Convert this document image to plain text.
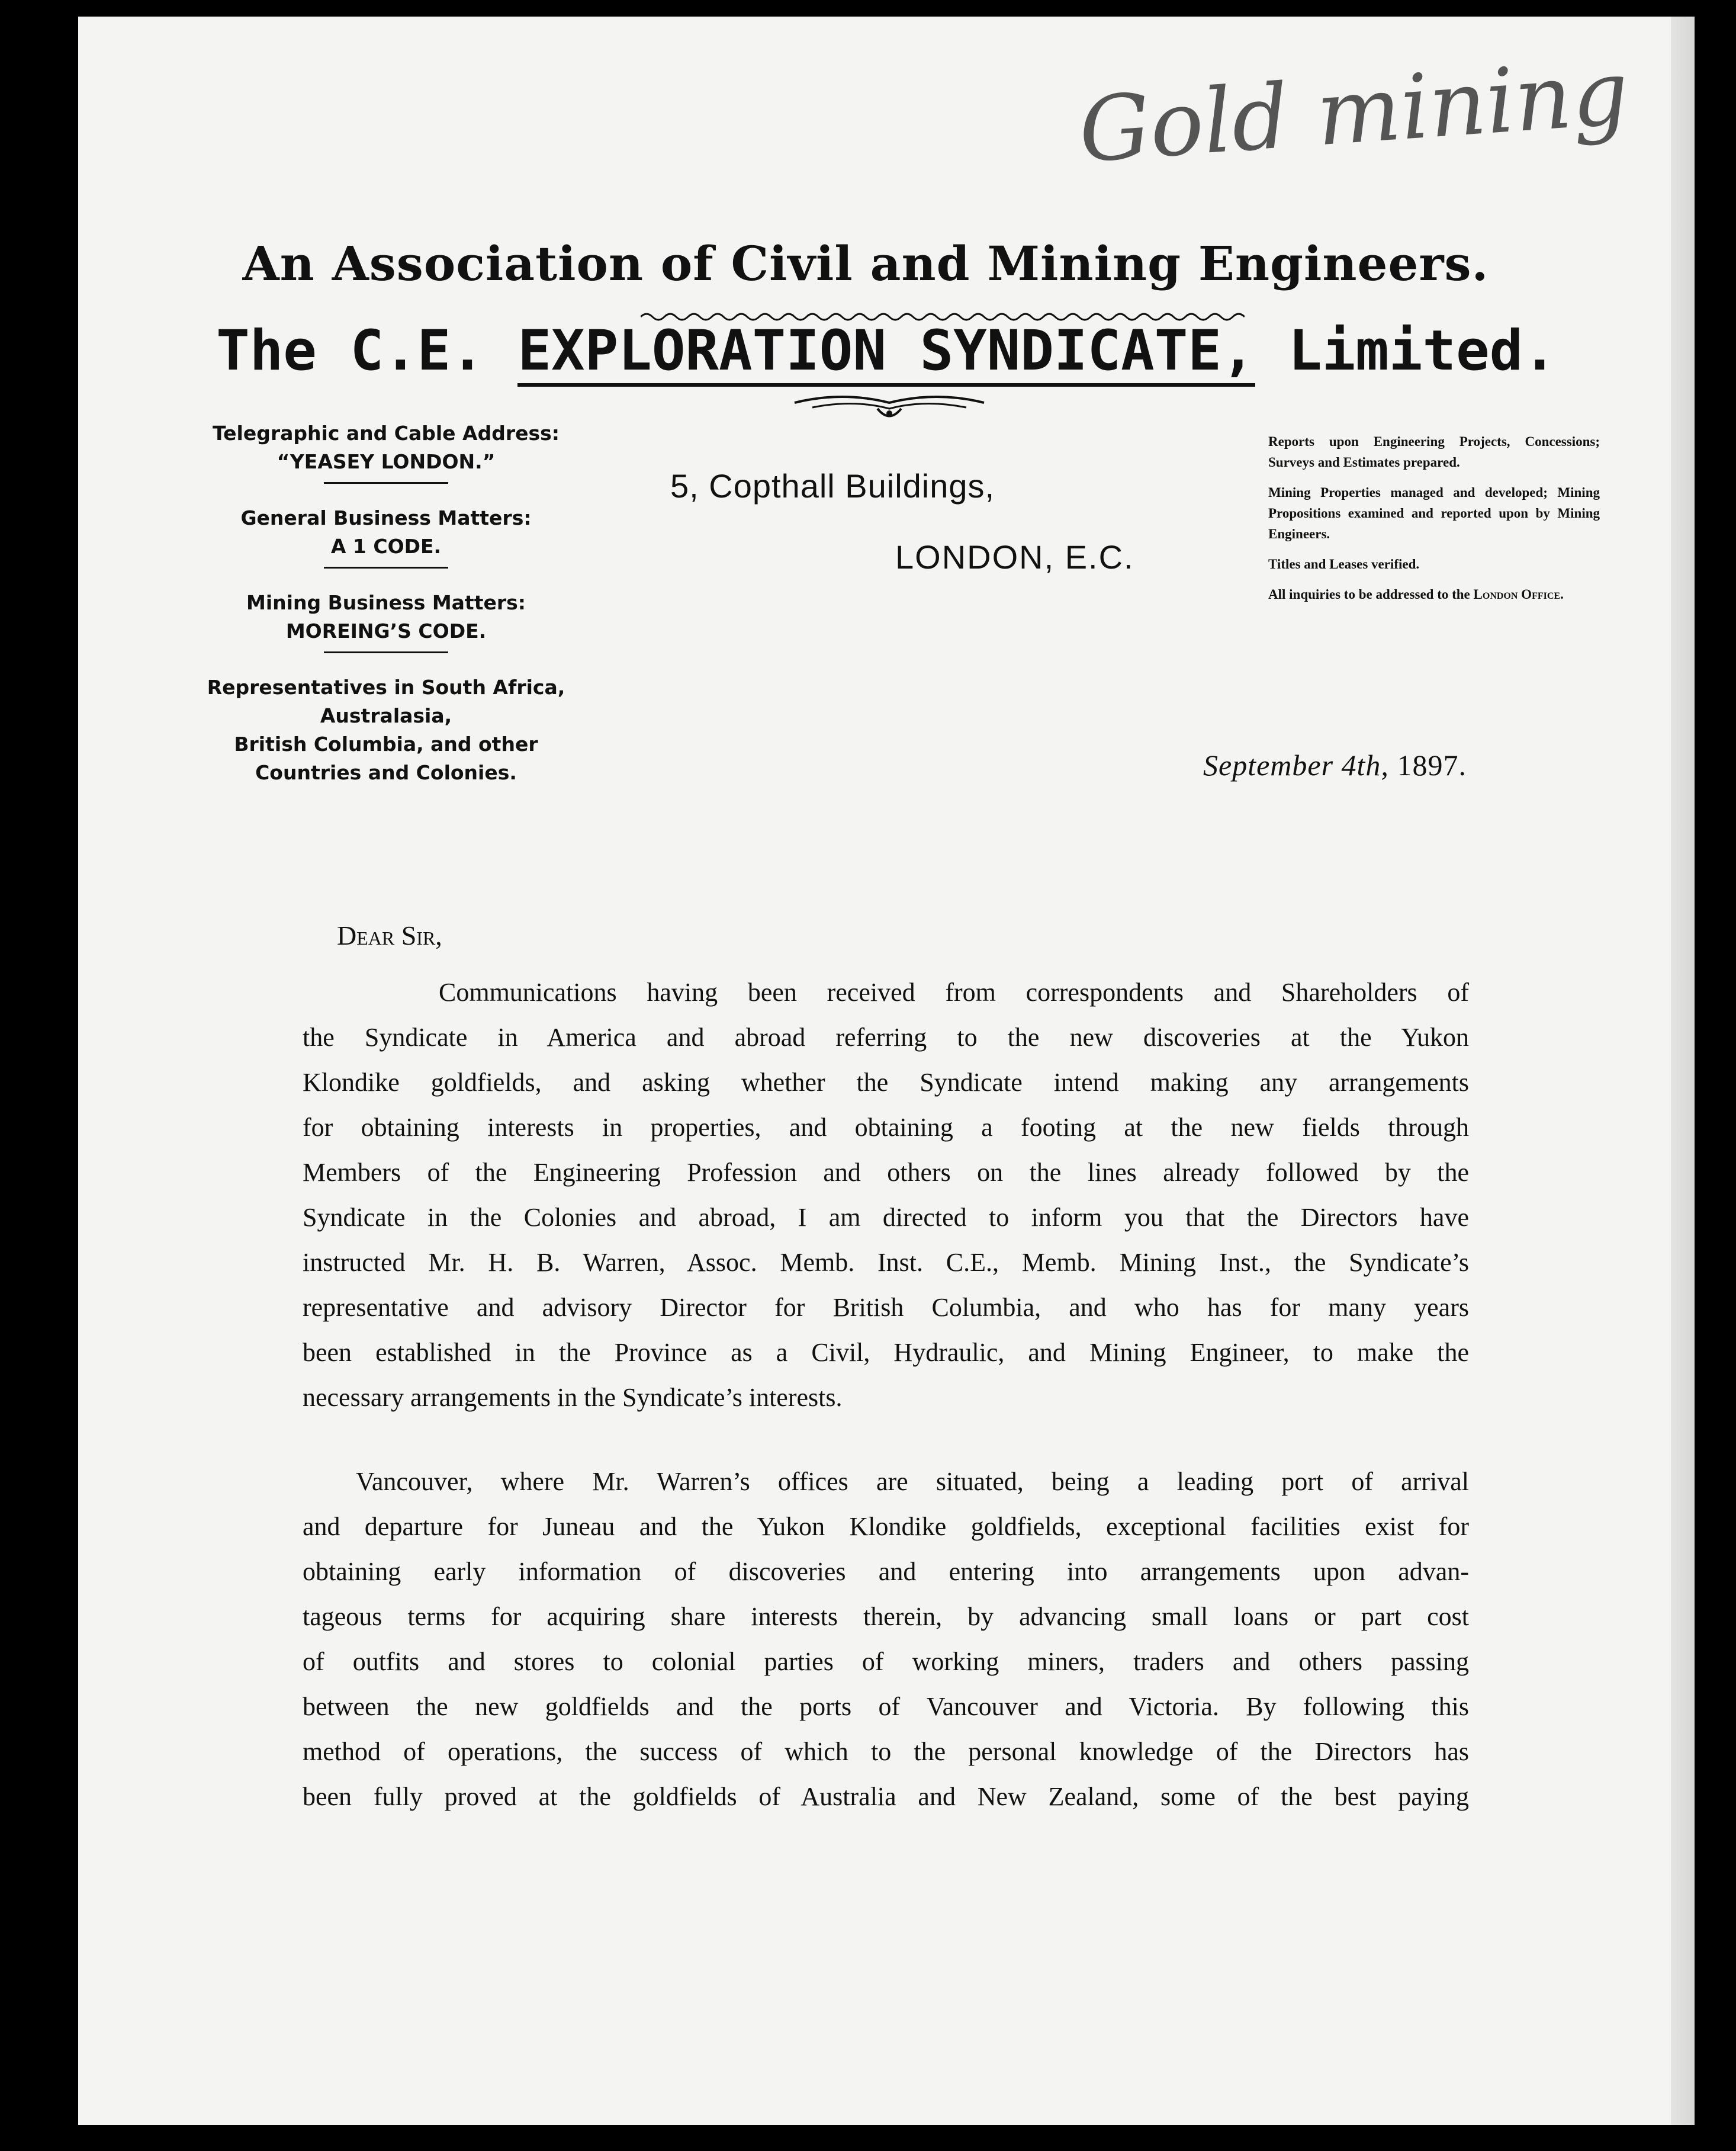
Gold mining
An Association of Civil and Mining Engineers.
The C.E. EXPLORATION SYNDICATE, Limited.
Telegraphic and Cable Address:
“YEASEY LONDON.”
General Business Matters:
A 1 CODE.
Mining Business Matters:
MOREING’S CODE.
Representatives in South Africa,
Australasia,
British Columbia, and other
Countries and Colonies.
5, Copthall Buildings,
LONDON, E.C.

Reports upon Engineering Projects, Concessions; Surveys and Estimates prepared.

Mining Properties managed and developed; Mining Propositions examined and reported upon by Mining Engineers.

Titles and Leases verified.

All inquiries to be addressed to the London Office.

September 4th, 1897.
Dear Sir,
Communications having been received from correspondents and Shareholders of
the Syndicate in America and abroad referring to the new discoveries at the Yukon
Klondike goldfields, and asking whether the Syndicate intend making any arrangements
for obtaining interests in properties, and obtaining a footing at the new fields through
Members of the Engineering Profession and others on the lines already followed by the
Syndicate in the Colonies and abroad, I am directed to inform you that the Directors have
instructed Mr. H. B. Warren, Assoc. Memb. Inst. C.E., Memb. Mining Inst., the Syndicate’s
representative and advisory Director for British Columbia, and who has for many years
been established in the Province as a Civil, Hydraulic, and Mining Engineer, to make the
necessary arrangements in the Syndicate’s interests.
Vancouver, where Mr. Warren’s offices are situated, being a leading port of arrival
and departure for Juneau and the Yukon Klondike goldfields, exceptional facilities exist for
obtaining early information of discoveries and entering into arrangements upon advan-
tageous terms for acquiring share interests therein, by advancing small loans or part cost
of outfits and stores to colonial parties of working miners, traders and others passing
between the new goldfields and the ports of Vancouver and Victoria. By following this
method of operations, the success of which to the personal knowledge of the Directors has
been fully proved at the goldfields of Australia and New Zealand, some of the best paying
